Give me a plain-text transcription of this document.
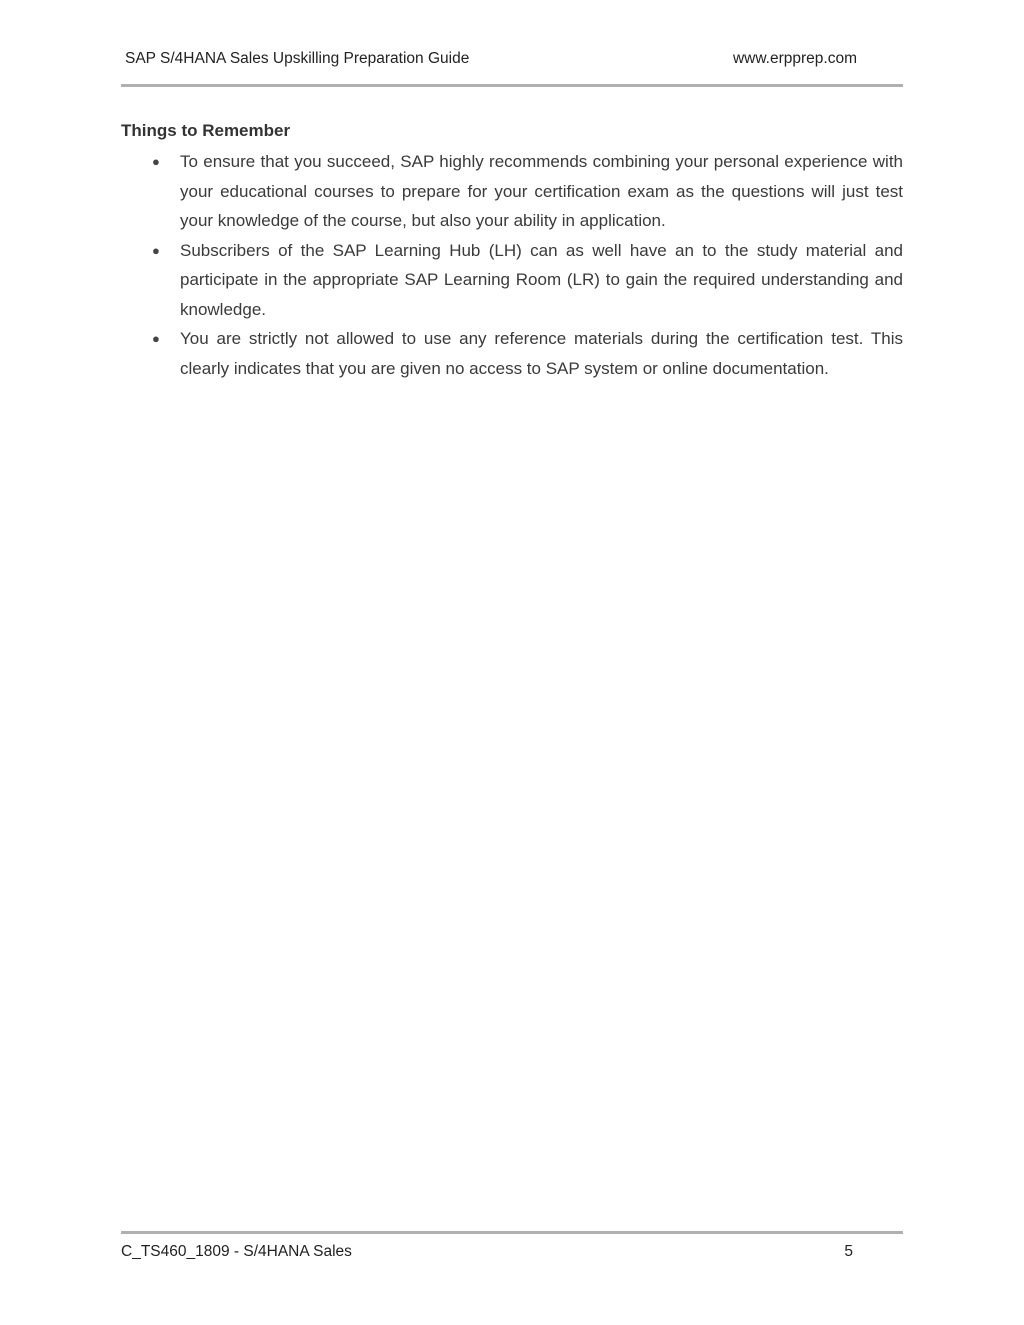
SAP S/4HANA Sales Upskilling Preparation Guide	www.erpprep.com
Things to Remember
● To ensure that you succeed, SAP highly recommends combining your personal experience with your educational courses to prepare for your certification exam as the questions will just test your knowledge of the course, but also your ability in application.
● Subscribers of the SAP Learning Hub (LH) can as well have an to the study material and participate in the appropriate SAP Learning Room (LR) to gain the required understanding and knowledge.
● You are strictly not allowed to use any reference materials during the certification test. This clearly indicates that you are given no access to SAP system or online documentation.
C_TS460_1809 - S/4HANA Sales	5
